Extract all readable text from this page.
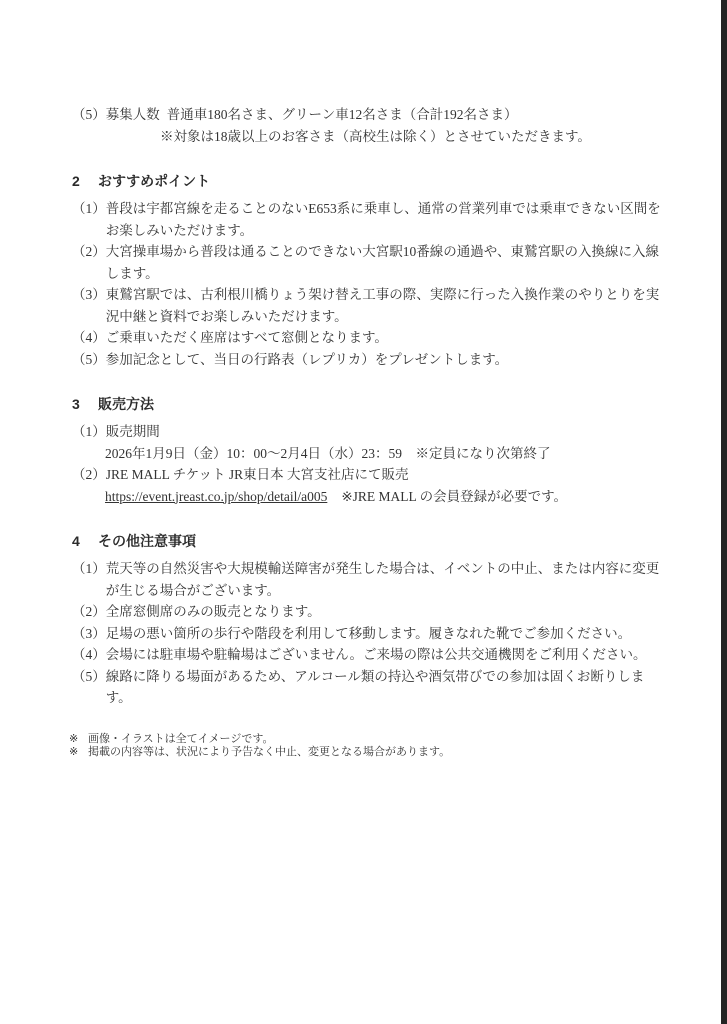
（5） 募集人数 普通車180名さま、グリーン車12名さま（合計192名さま）
※対象は18歳以上のお客さま（高校生は除く）とさせていただきます。
2	おすすめポイント
（1） 普段は宇都宮線を走ることのないE653系に乗車し、通常の営業列車では乗車できない区間をお楽しみいただけます。
（2） 大宮操車場から普段は通ることのできない大宮駅10番線の通過や、東鷲宮駅の入換線に入線します。
（3） 東鷲宮駅では、古利根川橋りょう架け替え工事の際、実際に行った入換作業のやりとりを実況中継と資料でお楽しみいただけます。
（4） ご乗車いただく座席はすべて窓側となります。
（5） 参加記念として、当日の行路表（レプリカ）をプレゼントします。
3	販売方法
（1） 販売期間
2026年1月9日（金）10：00～2月4日（水）23：59　※定員になり次第終了
（2） JRE MALL チケット JR東日本 大宮支社店にて販売
https://event.jreast.co.jp/shop/detail/a005 ※JRE MALL の会員登録が必要です。
4	その他注意事項
（1） 荒天等の自然災害や大規模輸送障害が発生した場合は、イベントの中止、または内容に変更が生じる場合がございます。
（2） 全席窓側席のみの販売となります。
（3） 足場の悪い箇所の歩行や階段を利用して移動します。履きなれた靴でご参加ください。
（4） 会場には駐車場や駐輪場はございません。ご来場の際は公共交通機関をご利用ください。
（5） 線路に降りる場面があるため、アルコール類の持込や酒気帯びでの参加は固くお断りします。
※ 画像・イラストは全てイメージです。
※ 掲載の内容等は、状況により予告なく中止、変更となる場合があります。
